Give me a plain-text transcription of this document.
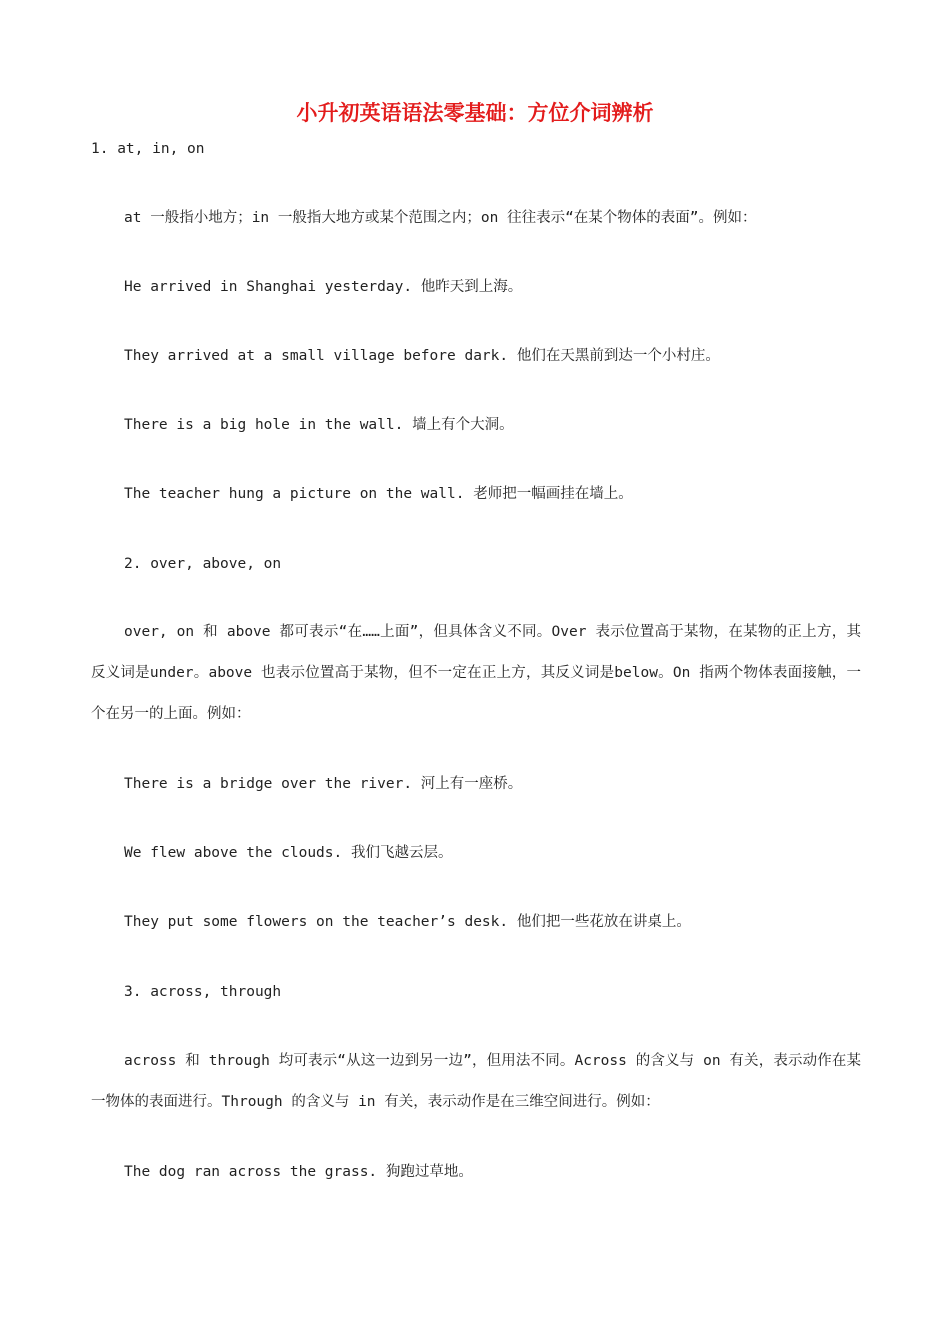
小升初英语语法零基础：方位介词辨析

1. at, in, on

at 一般指小地方；in 一般指大地方或某个范围之内；on 往往表示“在某个物体的表面”。例如：

He arrived in Shanghai yesterday. 他昨天到上海。

They arrived at a small village before dark. 他们在天黑前到达一个小村庄。

There is a big hole in the wall. 墙上有个大洞。

The teacher hung a picture on the wall. 老师把一幅画挂在墙上。

2. over, above, on

over, on 和 above 都可表示“在……上面”，但具体含义不同。Over 表示位置高于某物，在某物的正上方，其反义词是under。above 也表示位置高于某物，但不一定在正上方，其反义词是below。On 指两个物体表面接触，一个在另一的上面。例如：

There is a bridge over the river. 河上有一座桥。

We flew above the clouds. 我们飞越云层。

They put some flowers on the teacher’s desk. 他们把一些花放在讲桌上。

3. across, through

across 和 through 均可表示“从这一边到另一边”，但用法不同。Across 的含义与 on 有关，表示动作在某一物体的表面进行。Through 的含义与 in 有关，表示动作是在三维空间进行。例如：

The dog ran across the grass. 狗跑过草地。
